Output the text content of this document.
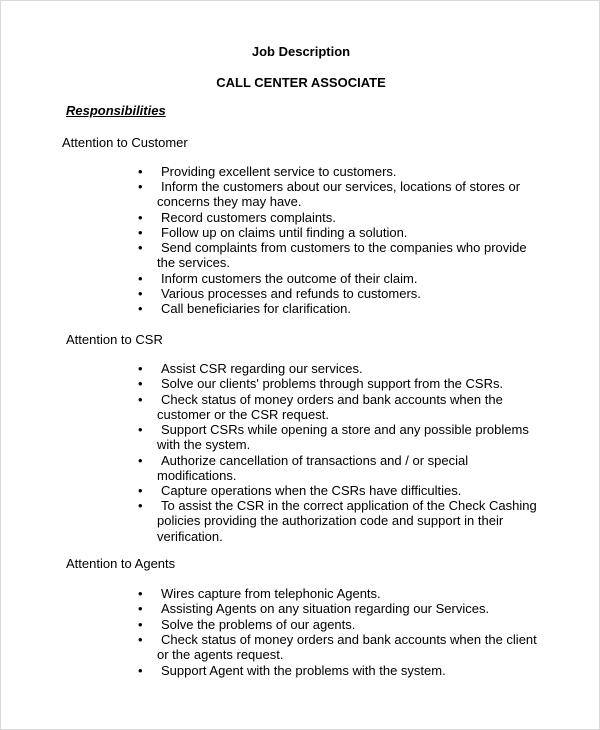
Job Description
CALL CENTER ASSOCIATE
Responsibilities
Attention to Customer
•	Providing excellent service to customers.
•	Inform the customers about our services, locations of stores or
concerns they may have.
•	Record customers complaints.
•	Follow up on claims until finding a solution.
•	Send complaints from customers to the companies who provide
the services.
•	Inform customers the outcome of their claim.
•	Various processes and refunds to customers.
•	Call beneficiaries for clarification.
Attention to CSR
•	Assist CSR regarding our services.
•	Solve our clients' problems through support from the CSRs.
•	Check status of money orders and bank accounts when the
customer or the CSR request.
•	Support CSRs while opening a store and any possible problems
with the system.
•	Authorize cancellation of transactions and / or special
modifications.
•	Capture operations when the CSRs have difficulties.
•	To assist the CSR in the correct application of the Check Cashing
policies providing the authorization code and support in their
verification.
Attention to Agents
•	Wires capture from telephonic Agents.
•	Assisting Agents on any situation regarding our Services.
•	Solve the problems of our agents.
•	Check status of money orders and bank accounts when the client
or the agents request.
•	Support Agent with the problems with the system.
